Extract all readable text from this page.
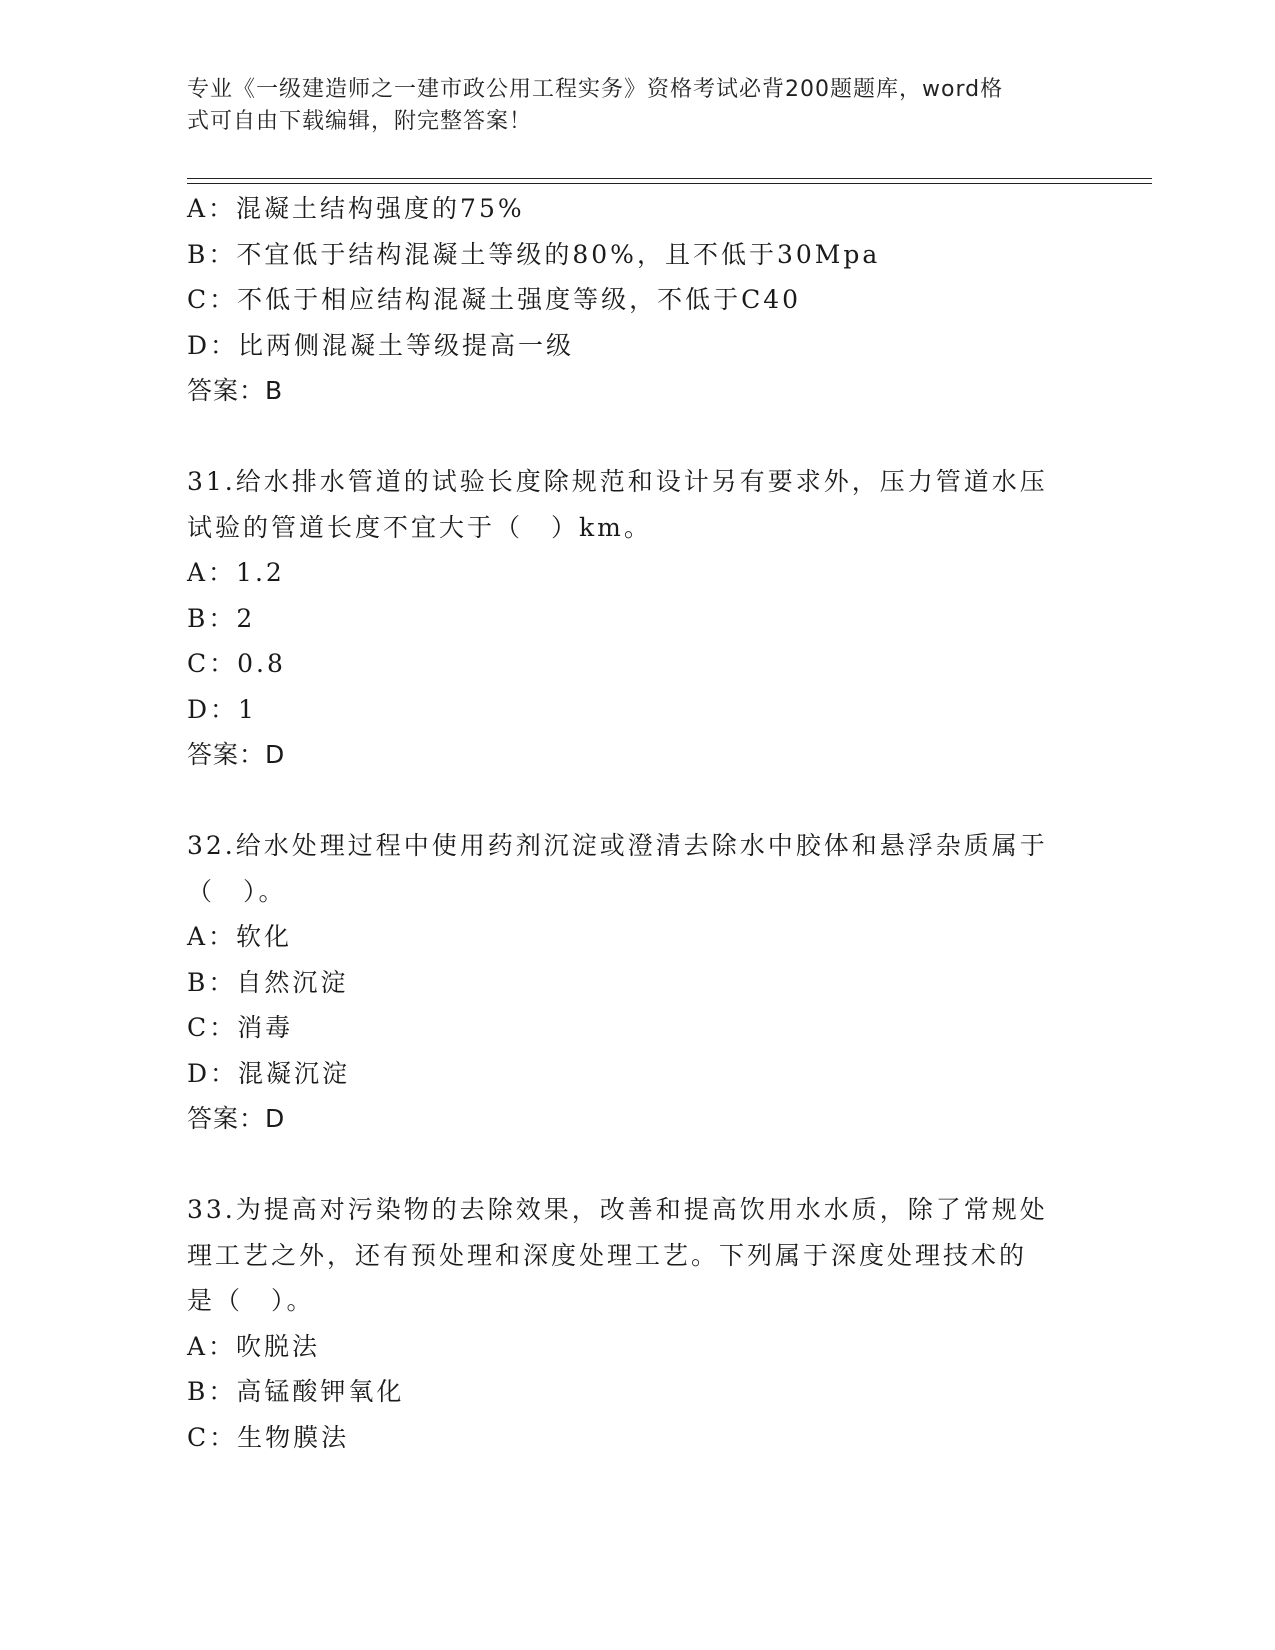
专业《一级建造师之一建市政公用工程实务》资格考试必背200题题库，word格
式可自由下载编辑，附完整答案！

A：混凝土结构强度的75%

B：不宜低于结构混凝土等级的80%，且不低于30Mpa

C：不低于相应结构混凝土强度等级，不低于C40

D：比两侧混凝土等级提高一级

答案：B

31.给水排水管道的试验长度除规范和设计另有要求外，压力管道水压

试验的管道长度不宜大于（　）km。

A：1.2

B：2

C：0.8

D：1

答案：D

32.给水处理过程中使用药剂沉淀或澄清去除水中胶体和悬浮杂质属于

（　）。

A：软化

B：自然沉淀

C：消毒

D：混凝沉淀

答案：D

33.为提高对污染物的去除效果，改善和提高饮用水水质，除了常规处

理工艺之外，还有预处理和深度处理工艺。下列属于深度处理技术的

是（　）。

A：吹脱法

B：高锰酸钾氧化

C：生物膜法
